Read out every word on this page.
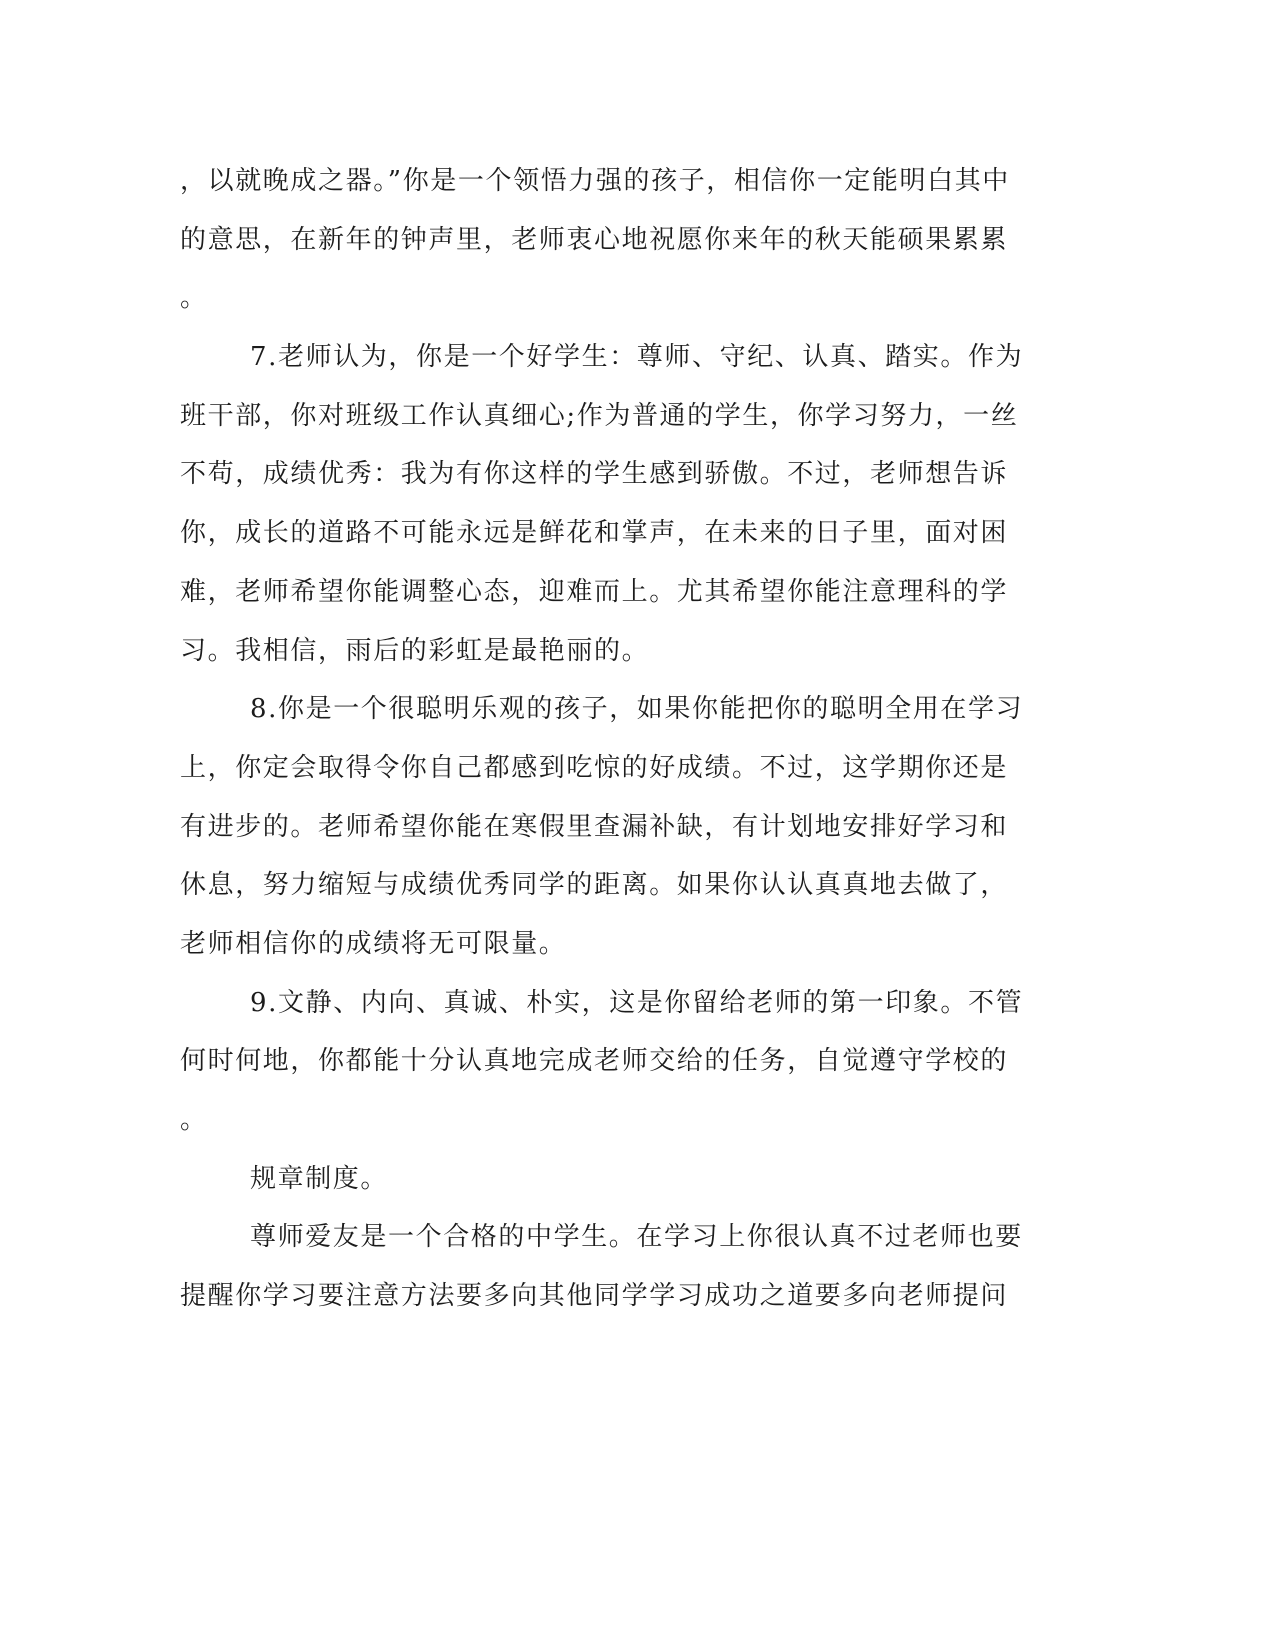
，以就晚成之器。”你是一个领悟力强的孩子，相信你一定能明白其中
的意思，在新年的钟声里，老师衷心地祝愿你来年的秋天能硕果累累
。
7.老师认为，你是一个好学生：尊师、守纪、认真、踏实。作为
班干部，你对班级工作认真细心;作为普通的学生，你学习努力，一丝
不苟，成绩优秀：我为有你这样的学生感到骄傲。不过，老师想告诉
你，成长的道路不可能永远是鲜花和掌声，在未来的日子里，面对困
难，老师希望你能调整心态，迎难而上。尤其希望你能注意理科的学
习。我相信，雨后的彩虹是最艳丽的。
8.你是一个很聪明乐观的孩子，如果你能把你的聪明全用在学习
上，你定会取得令你自己都感到吃惊的好成绩。不过，这学期你还是
有进步的。老师希望你能在寒假里查漏补缺，有计划地安排好学习和
休息，努力缩短与成绩优秀同学的距离。如果你认认真真地去做了，
老师相信你的成绩将无可限量。
9.文静、内向、真诚、朴实，这是你留给老师的第一印象。不管
何时何地，你都能十分认真地完成老师交给的任务，自觉遵守学校的
。
规章制度。
尊师爱友是一个合格的中学生。在学习上你很认真不过老师也要
提醒你学习要注意方法要多向其他同学学习成功之道要多向老师提问
